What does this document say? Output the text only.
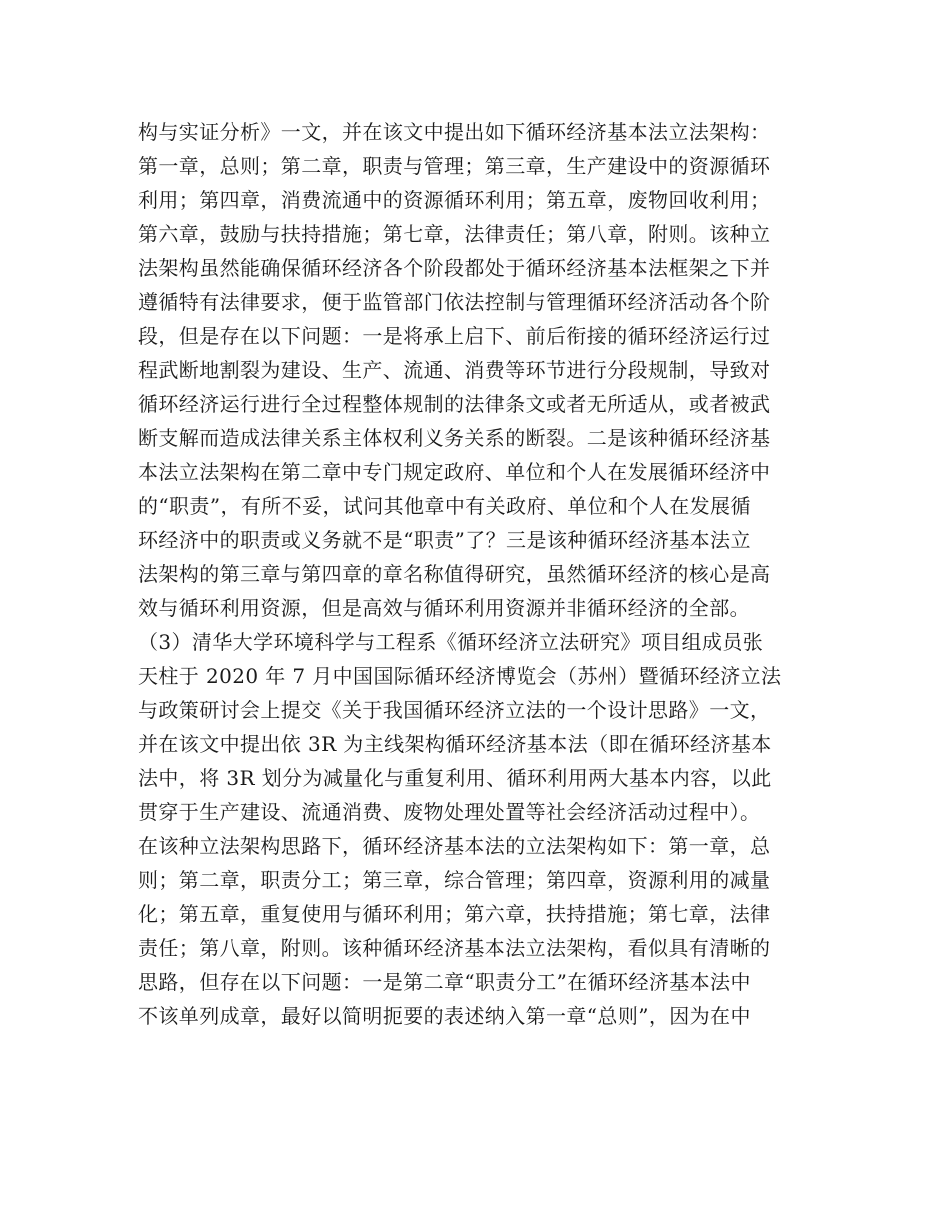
构与实证分析》一文，并在该文中提出如下循环经济基本法立法架构：
第一章，总则；第二章，职责与管理；第三章，生产建设中的资源循环
利用；第四章，消费流通中的资源循环利用；第五章，废物回收利用；
第六章，鼓励与扶持措施；第七章，法律责任；第八章，附则。该种立
法架构虽然能确保循环经济各个阶段都处于循环经济基本法框架之下并
遵循特有法律要求，便于监管部门依法控制与管理循环经济活动各个阶
段，但是存在以下问题：一是将承上启下、前后衔接的循环经济运行过
程武断地割裂为建设、生产、流通、消费等环节进行分段规制，导致对
循环经济运行进行全过程整体规制的法律条文或者无所适从，或者被武
断支解而造成法律关系主体权利义务关系的断裂。二是该种循环经济基
本法立法架构在第二章中专门规定政府、单位和个人在发展循环经济中
的“职责”，有所不妥，试问其他章中有关政府、单位和个人在发展循
环经济中的职责或义务就不是“职责”了？三是该种循环经济基本法立
法架构的第三章与第四章的章名称值得研究，虽然循环经济的核心是高
效与循环利用资源，但是高效与循环利用资源并非循环经济的全部。
（3）清华大学环境科学与工程系《循环经济立法研究》项目组成员张
天柱于 2020 年 7 月中国国际循环经济博览会（苏州）暨循环经济立法
与政策研讨会上提交《关于我国循环经济立法的一个设计思路》一文，
并在该文中提出依 3R 为主线架构循环经济基本法（即在循环经济基本
法中，将 3R 划分为减量化与重复利用、循环利用两大基本内容，以此
贯穿于生产建设、流通消费、废物处理处置等社会经济活动过程中）。
在该种立法架构思路下，循环经济基本法的立法架构如下：第一章，总
则；第二章，职责分工；第三章，综合管理；第四章，资源利用的减量
化；第五章，重复使用与循环利用；第六章，扶持措施；第七章，法律
责任；第八章，附则。该种循环经济基本法立法架构，看似具有清晰的
思路，但存在以下问题：一是第二章“职责分工”在循环经济基本法中
不该单列成章，最好以简明扼要的表述纳入第一章“总则”，因为在中
